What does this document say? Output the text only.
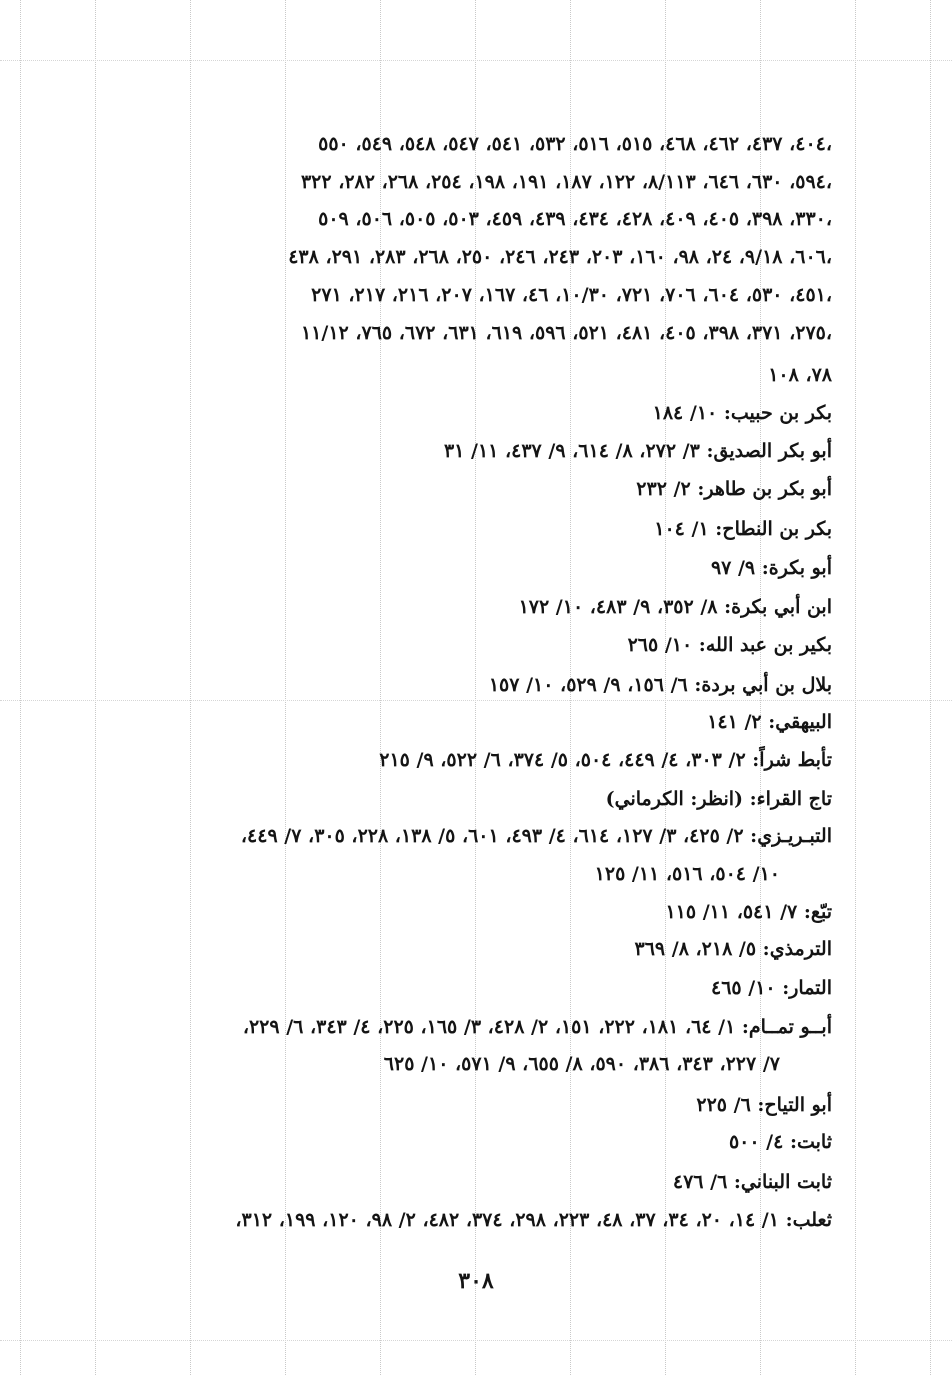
٤٠٤، ٤٣٧، ٤٦٢، ٤٦٨، ٥١٥، ٥١٦، ٥٣٢، ٥٤١، ٥٤٧، ٥٤٨، ٥٤٩، ٥٥٠،
٥٩٤، ٦٣٠، ٦٤٦، ٨/١١٣، ١٢٢، ١٨٧، ١٩١، ١٩٨، ٢٥٤، ٢٦٨، ٢٨٢، ٣٢٢،
٣٣٠، ٣٩٨، ٤٠٥، ٤٠٩، ٤٢٨، ٤٣٤، ٤٣٩، ٤٥٩، ٥٠٣، ٥٠٥، ٥٠٦، ٥٠٩،
٦٠٦، ٩/١٨، ٢٤، ٩٨، ١٦٠، ٢٠٣، ٢٤٣، ٢٤٦، ٢٥٠، ٢٦٨، ٢٨٣، ٢٩١، ٤٣٨،
٤٥١، ٥٣٠، ٦٠٤، ٧٠٦، ٧٢١، ١٠/٣٠، ٤٦، ١٦٧، ٢٠٧، ٢١٦، ٢١٧، ٢٧١،
٢٧٥، ٣٧١، ٣٩٨، ٤٠٥، ٤٨١، ٥٢١، ٥٩٦، ٦١٩، ٦٣١، ٦٧٢، ٧٦٥، ١١/١٢،
٧٨، ١٠٨
بكر بن حبيب: ١٠/ ١٨٤
أبو بكر الصديق: ٣/ ٢٧٢، ٨/ ٦١٤، ٩/ ٤٣٧، ١١/ ٣١
أبو بكر بن طاهر: ٢/ ٢٣٢
بكر بن النطاح: ١/ ١٠٤
أبو بكرة: ٩/ ٩٧
ابن أبي بكرة: ٨/ ٣٥٢، ٩/ ٤٨٣، ١٠/ ١٧٢
بكير بن عبد الله: ١٠/ ٢٦٥
بلال بن أبي بردة: ٦/ ١٥٦، ٩/ ٥٢٩، ١٠/ ١٥٧
البيهقي: ٢/ ١٤١
تأبط شراً: ٢/ ٣٠٣، ٤/ ٤٤٩، ٥٠٤، ٥/ ٣٧٤، ٦/ ٥٢٢، ٩/ ٢١٥
تاج القراء: (انظر: الكرماني)
التبـريـزي: ٢/ ٤٢٥، ٣/ ١٢٧، ٦١٤، ٤/ ٤٩٣، ٦٠١، ٥/ ١٣٨، ٢٢٨، ٣٠٥، ٧/ ٤٤٩،
١٠/ ٥٠٤، ٥١٦، ١١/ ١٢٥
تبّع: ٧/ ٥٤١، ١١/ ١١٥
الترمذي: ٥/ ٢١٨، ٨/ ٣٦٩
التمار: ١٠/ ٤٦٥
أبــو تمــام: ١/ ٦٤، ١٨١، ٢٢٢، ١٥١، ٢/ ٤٢٨، ٣/ ١٦٥، ٢٢٥، ٤/ ٣٤٣، ٦/ ٢٢٩،
٧/ ٢٢٧، ٣٤٣، ٣٨٦، ٥٩٠، ٨/ ٦٥٥، ٩/ ٥٧١، ١٠/ ٦٢٥
أبو التياح: ٦/ ٢٢٥
ثابت: ٤/ ٥٠٠
ثابت البناني: ٦/ ٤٧٦
ثعلب: ١/ ١٤، ٢٠، ٣٤، ٣٧، ٤٨، ٢٢٣، ٢٩٨، ٣٧٤، ٤٨٢، ٢/ ٩٨، ١٢٠، ١٩٩، ٣١٢،
٣٠٨
